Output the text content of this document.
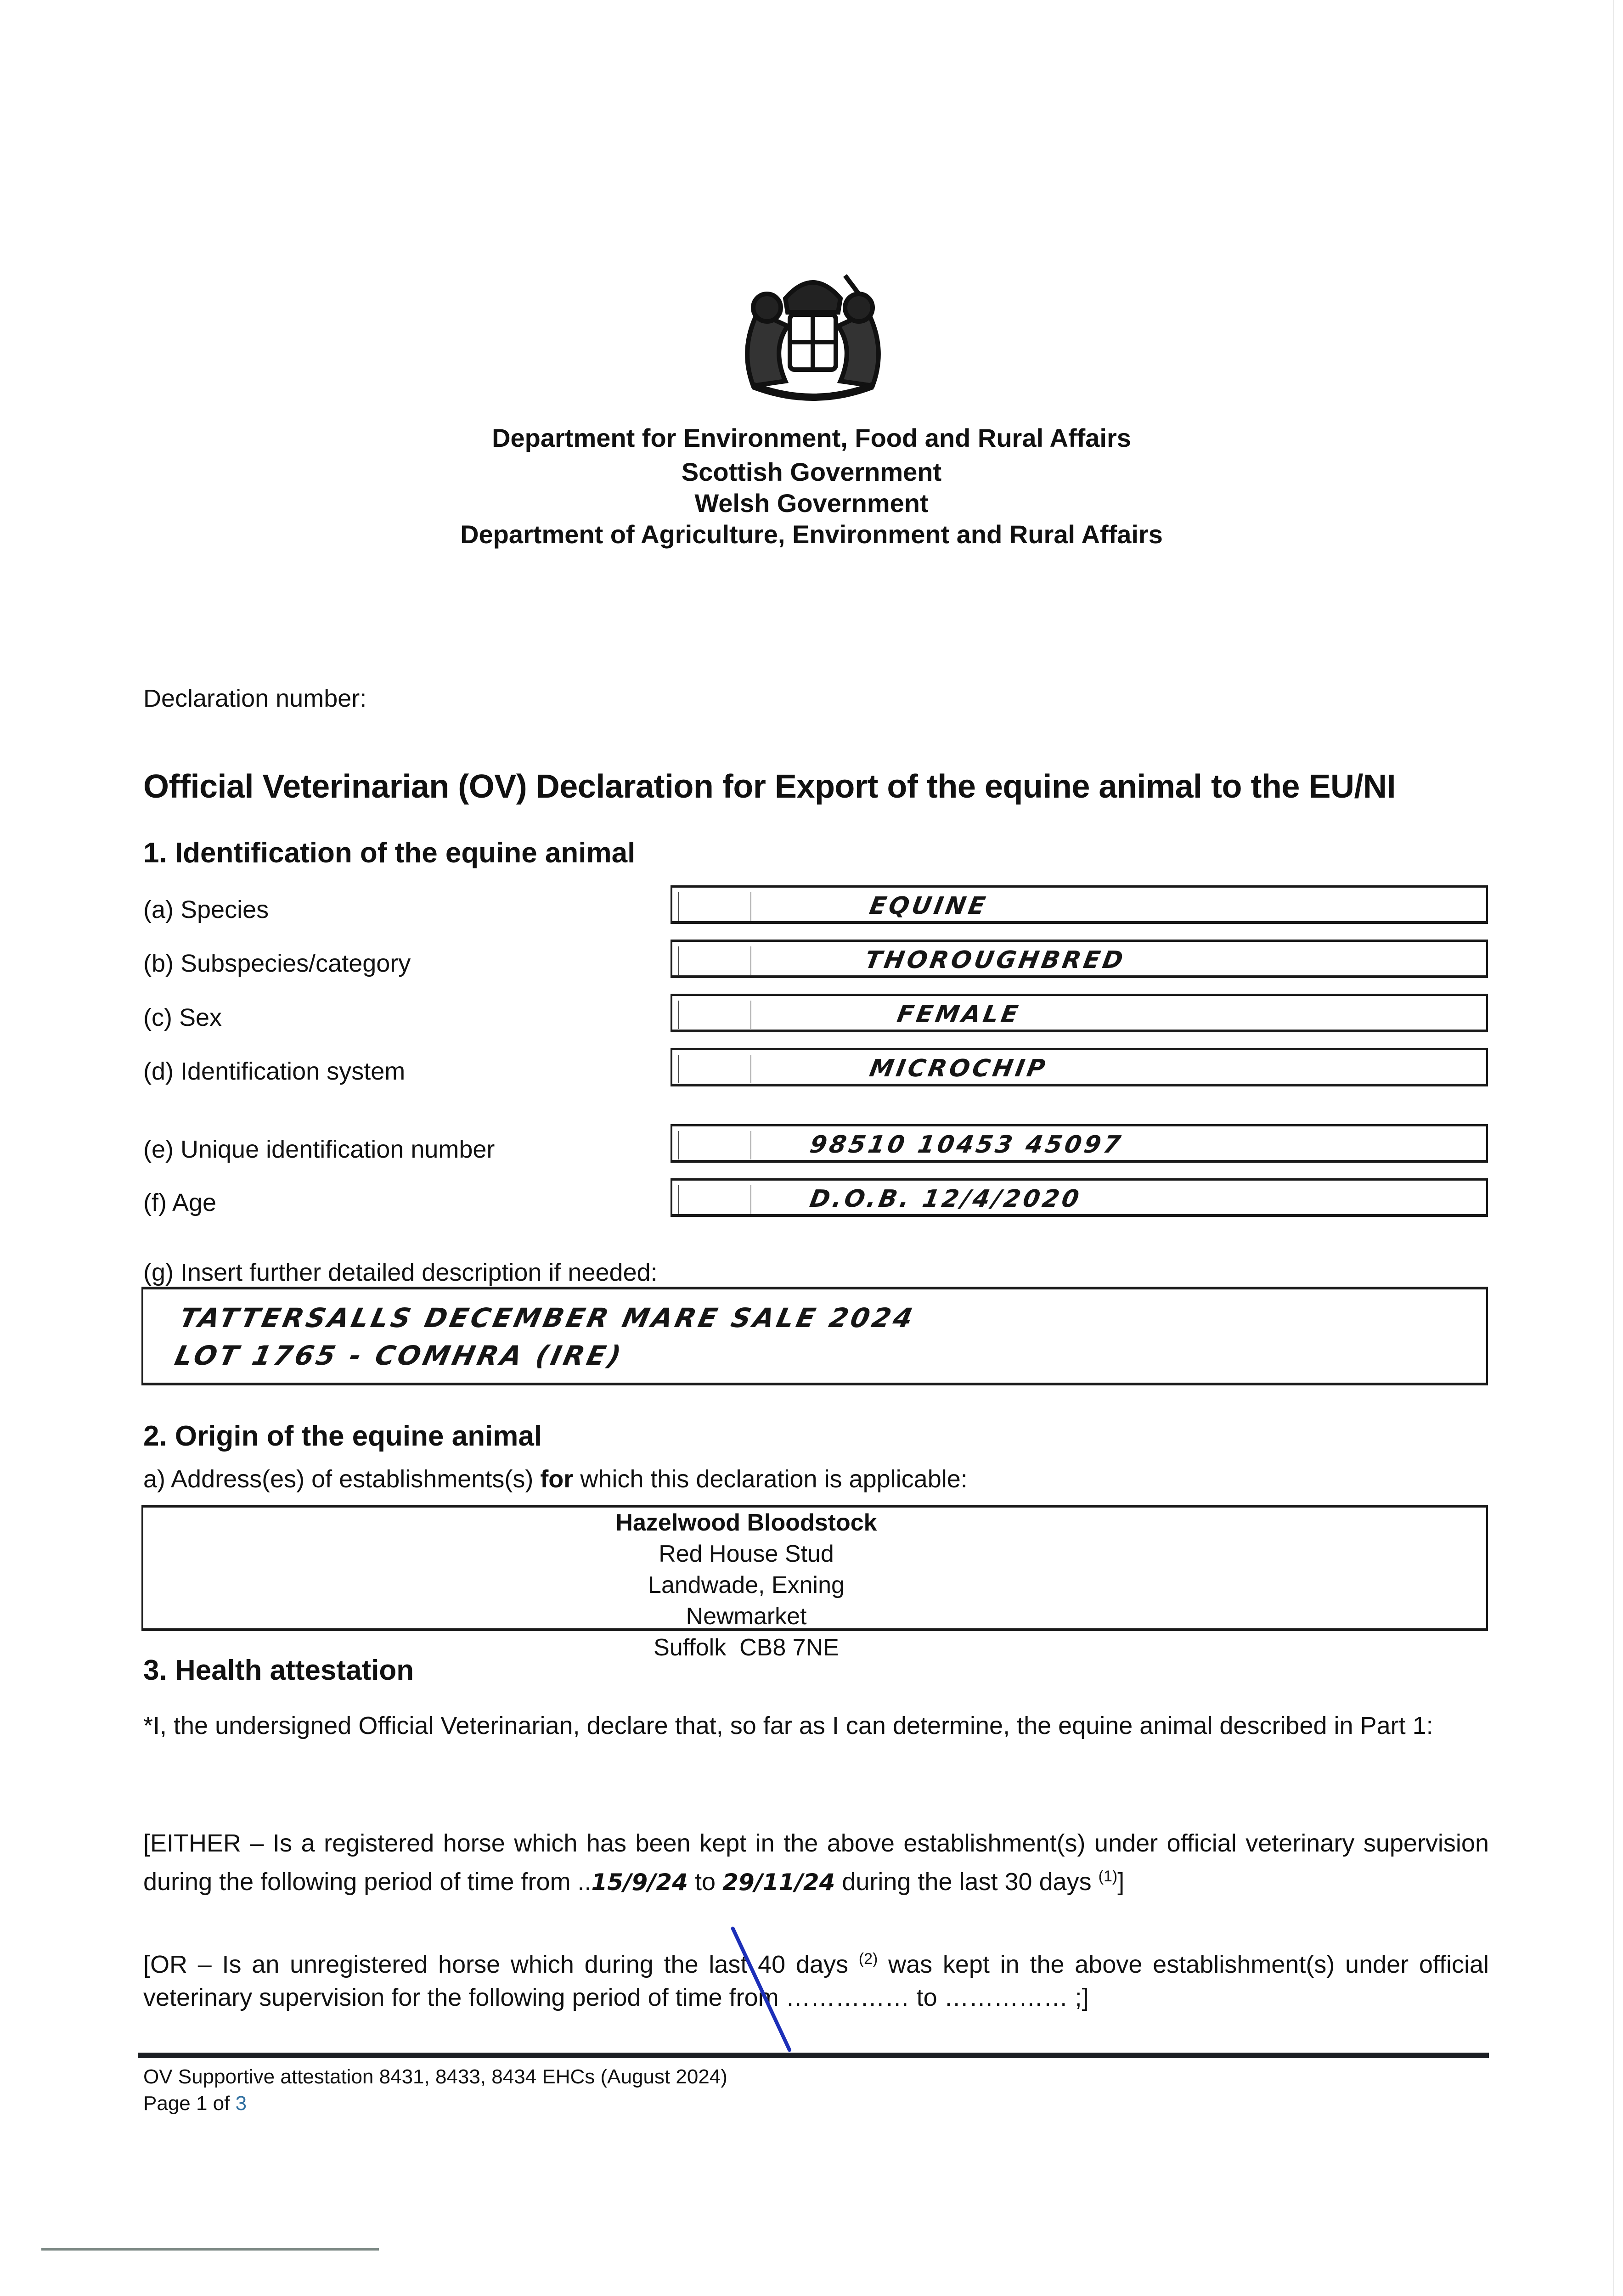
Department for Environment, Food and Rural Affairs
Scottish Government
Welsh Government
Department of Agriculture, Environment and Rural Affairs
Declaration number:
Official Veterinarian (OV) Declaration for Export of the equine animal to the EU/NI
1. Identification of the equine animal
(a) Species	EQUINE
(b) Subspecies/category	THOROUGHBRED
(c) Sex	FEMALE
(d) Identification system	MICROCHIP
(e) Unique identification number	98510 10453 45097
(f) Age	D.O.B. 12/4/2020
(g) Insert further detailed description if needed:
TATTERSALLS DECEMBER MARE SALE 2024
LOT 1765 - COMHRA (IRE)
2. Origin of the equine animal
a) Address(es) of establishments(s) for which this declaration is applicable:
Hazelwood Bloodstock
Red House Stud
Landwade, Exning
Newmarket
Suffolk  CB8 7NE
3. Health attestation
*I, the undersigned Official Veterinarian, declare that, so far as I can determine, the equine animal described in Part 1:
[EITHER – Is a registered horse which has been kept in the above establishment(s) under official veterinary supervision during the following period of time from ..15/9/24 to 29/11/24 during the last 30 days $^{(1)}$]
[OR – Is an unregistered horse which during the last 40 days $^{(2)}$ was kept in the above establishment(s) under official veterinary supervision for the following period of time from …………… to …………… ;]
OV Supportive attestation 8431, 8433, 8434 EHCs (August 2024)
Page 1 of 3
